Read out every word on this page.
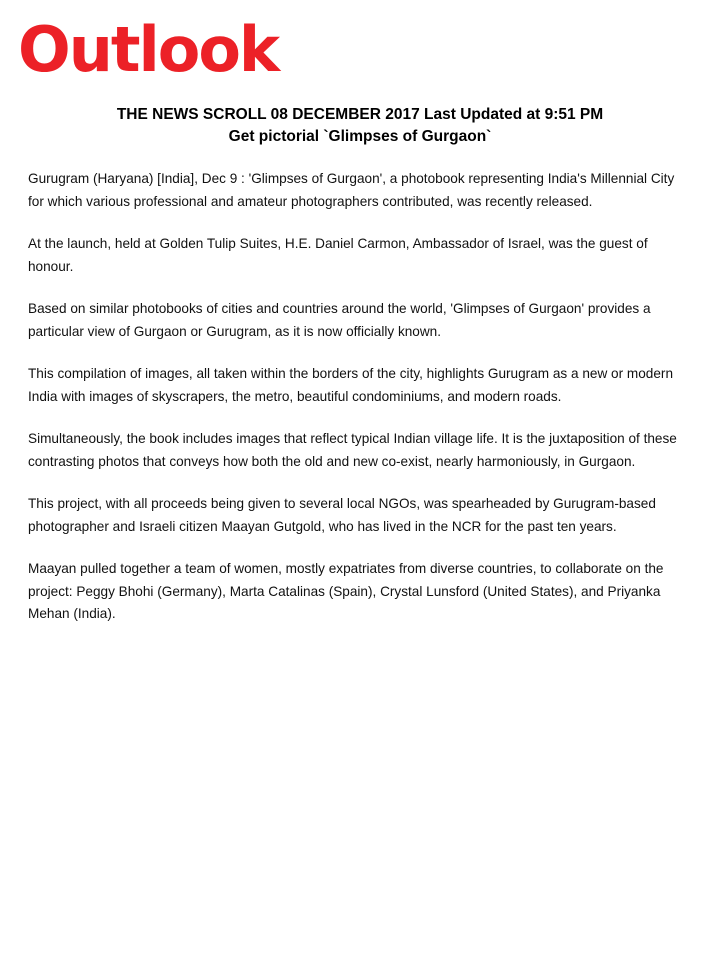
Outlook
THE NEWS SCROLL 08 DECEMBER 2017 Last Updated at 9:51 PM
Get pictorial `Glimpses of Gurgaon`

Gurugram (Haryana) [India], Dec 9 : 'Glimpses of Gurgaon', a photobook representing India's Millennial City for which various professional and amateur photographers contributed, was recently released.

At the launch, held at Golden Tulip Suites, H.E. Daniel Carmon, Ambassador of Israel, was the guest of honour.

Based on similar photobooks of cities and countries around the world, 'Glimpses of Gurgaon' provides a particular view of Gurgaon or Gurugram, as it is now officially known.

This compilation of images, all taken within the borders of the city, highlights Gurugram as a new or modern India with images of skyscrapers, the metro, beautiful condominiums, and modern roads.

Simultaneously, the book includes images that reflect typical Indian village life. It is the juxtaposition of these contrasting photos that conveys how both the old and new co-exist, nearly harmoniously, in Gurgaon.

This project, with all proceeds being given to several local NGOs, was spearheaded by Gurugram-based photographer and Israeli citizen Maayan Gutgold, who has lived in the NCR for the past ten years.

Maayan pulled together a team of women, mostly expatriates from diverse countries, to collaborate on the project: Peggy Bhohi (Germany), Marta Catalinas (Spain), Crystal Lunsford (United States), and Priyanka Mehan (India).
